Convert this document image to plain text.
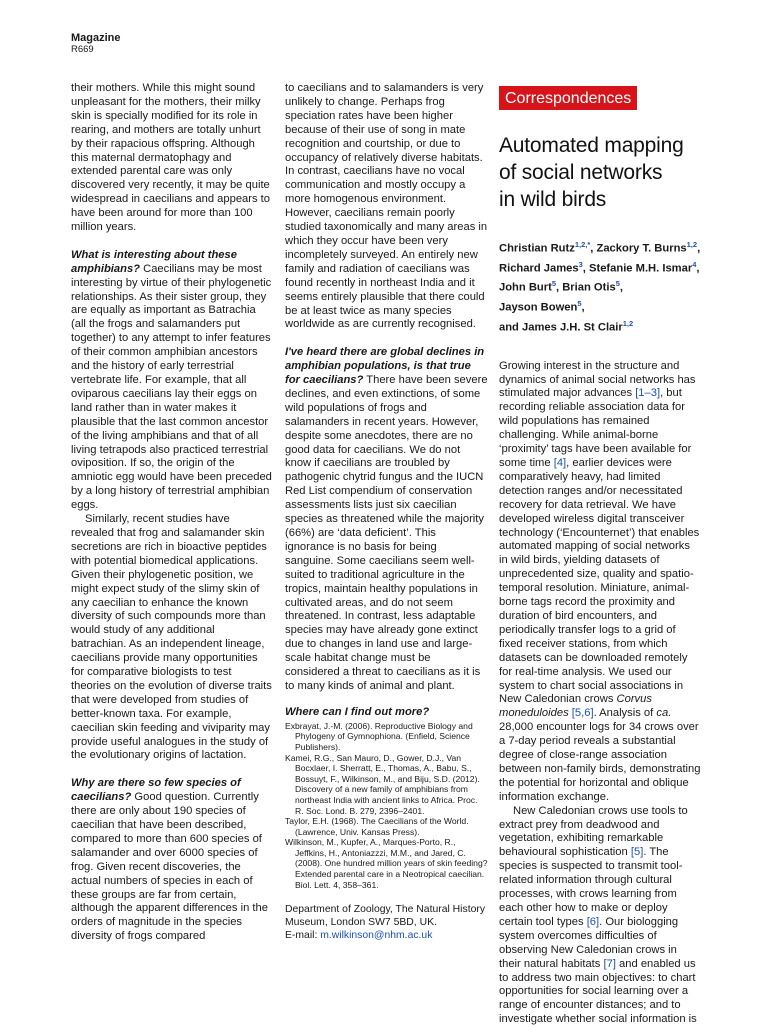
Magazine
R669

their mothers. While this might sound unpleasant for the mothers, their milky skin is specially modified for its role in rearing, and mothers are totally unhurt by their rapacious offspring. Although this maternal dermatophagy and extended parental care was only discovered very recently, it may be quite widespread in caecilians and appears to have been around for more than 100 million years.

What is interesting about these amphibians? Caecilians may be most interesting by virtue of their phylogenetic relationships. As their sister group, they are equally as important as Batrachia (all the frogs and salamanders put together) to any attempt to infer features of their common amphibian ancestors and the history of early terrestrial vertebrate life. For example, that all oviparous caecilians lay their eggs on land rather than in water makes it plausible that the last common ancestor of the living amphibians and that of all living tetrapods also practiced terrestrial oviposition. If so, the origin of the amniotic egg would have been preceded by a long history of terrestrial amphibian eggs.

Similarly, recent studies have revealed that frog and salamander skin secretions are rich in bioactive peptides with potential biomedical applications. Given their phylogenetic position, we might expect study of the slimy skin of any caecilian to enhance the known diversity of such compounds more than would study of any additional batrachian. As an independent lineage, caecilians provide many opportunities for comparative biologists to test theories on the evolution of diverse traits that were developed from studies of better-known taxa. For example, caecilian skin feeding and viviparity may provide useful analogues in the study of the evolutionary origins of lactation.

Why are there so few species of caecilians? Good question. Currently there are only about 190 species of caecilian that have been described, compared to more than 600 species of salamander and over 6000 species of frog. Given recent discoveries, the actual numbers of species in each of these groups are far from certain, although the apparent differences in the orders of magnitude in the species diversity of frogs compared

to caecilians and to salamanders is very unlikely to change. Perhaps frog speciation rates have been higher because of their use of song in mate recognition and courtship, or due to occupancy of relatively diverse habitats. In contrast, caecilians have no vocal communication and mostly occupy a more homogenous environment. However, caecilians remain poorly studied taxonomically and many areas in which they occur have been very incompletely surveyed. An entirely new family and radiation of caecilians was found recently in northeast India and it seems entirely plausible that there could be at least twice as many species worldwide as are currently recognised.

I've heard there are global declines in amphibian populations, is that true for caecilians? There have been severe declines, and even extinctions, of some wild populations of frogs and salamanders in recent years. However, despite some anecdotes, there are no good data for caecilians. We do not know if caecilians are troubled by pathogenic chytrid fungus and the IUCN Red List compendium of conservation assessments lists just six caecilian species as threatened while the majority (66%) are ‘data deficient’. This ignorance is no basis for being sanguine. Some caecilians seem well-suited to traditional agriculture in the tropics, maintain healthy populations in cultivated areas, and do not seem threatened. In contrast, less adaptable species may have already gone extinct due to changes in land use and large-scale habitat change must be considered a threat to caecilians as it is to many kinds of animal and plant.

Where can I find out more?
Exbrayat, J.-M. (2006). Reproductive Biology and Phylogeny of Gymnophiona. (Enfield, Science Publishers).
Kamei, R.G., San Mauro, D., Gower, D.J., Van Bocxlaer, I. Sherratt, E., Thomas, A., Babu, S., Bossuyt, F., Wilkinson, M., and Biju, S.D. (2012). Discovery of a new family of amphibians from northeast India with ancient links to Africa. Proc. R. Soc. Lond. B. 279, 2396–2401.
Taylor, E.H. (1968). The Caecilians of the World. (Lawrence, Univ. Kansas Press).
Wilkinson, M., Kupfer, A., Marques-Porto, R., Jeffkins, H., Antoniazzzi, M.M., and Jared, C. (2008). One hundred million years of skin feeding? Extended parental care in a Neotropical caecilian. Biol. Lett. 4, 358–361.
Department of Zoology, The Natural History Museum, London SW7 5BD, UK.
E-mail: m.wilkinson@nhm.ac.uk
Correspondences
Automated mapping
of social networks
in wild birds
Christian Rutz$^{1,2,*}$, Zackory T. Burns$^{1,2}$,
Richard James$^3$, Stefanie M.H. Ismar$^4$,
John Burt$^5$, Brian Otis$^5$,
Jayson Bowen$^5$,
and James J.H. St Clair$^{1,2}$

Growing interest in the structure and dynamics of animal social networks has stimulated major advances [1–3], but recording reliable association data for wild populations has remained challenging. While animal-borne ‘proximity’ tags have been available for some time [4], earlier devices were comparatively heavy, had limited detection ranges and/or necessitated recovery for data retrieval. We have developed wireless digital transceiver technology (‘Encounternet’) that enables automated mapping of social networks in wild birds, yielding datasets of unprecedented size, quality and spatio-temporal resolution. Miniature, animal-borne tags record the proximity and duration of bird encounters, and periodically transfer logs to a grid of fixed receiver stations, from which datasets can be downloaded remotely for real-time analysis. We used our system to chart social associations in New Caledonian crows Corvus moneduloides [5,6]. Analysis of ca. 28,000 encounter logs for 34 crows over a 7-day period reveals a substantial degree of close-range association between non-family birds, demonstrating the potential for horizontal and oblique information exchange.

New Caledonian crows use tools to extract prey from deadwood and vegetation, exhibiting remarkable behavioural sophistication [5]. The species is suspected to transmit tool-related information through cultural processes, with crows learning from each other how to make or deploy certain tool types [6]. Our biologging system overcomes difficulties of observing New Caledonian crows in their natural habitats [7] and enabled us to address two main objectives: to chart opportunities for social learning over a range of encounter distances; and to investigate whether social information is
